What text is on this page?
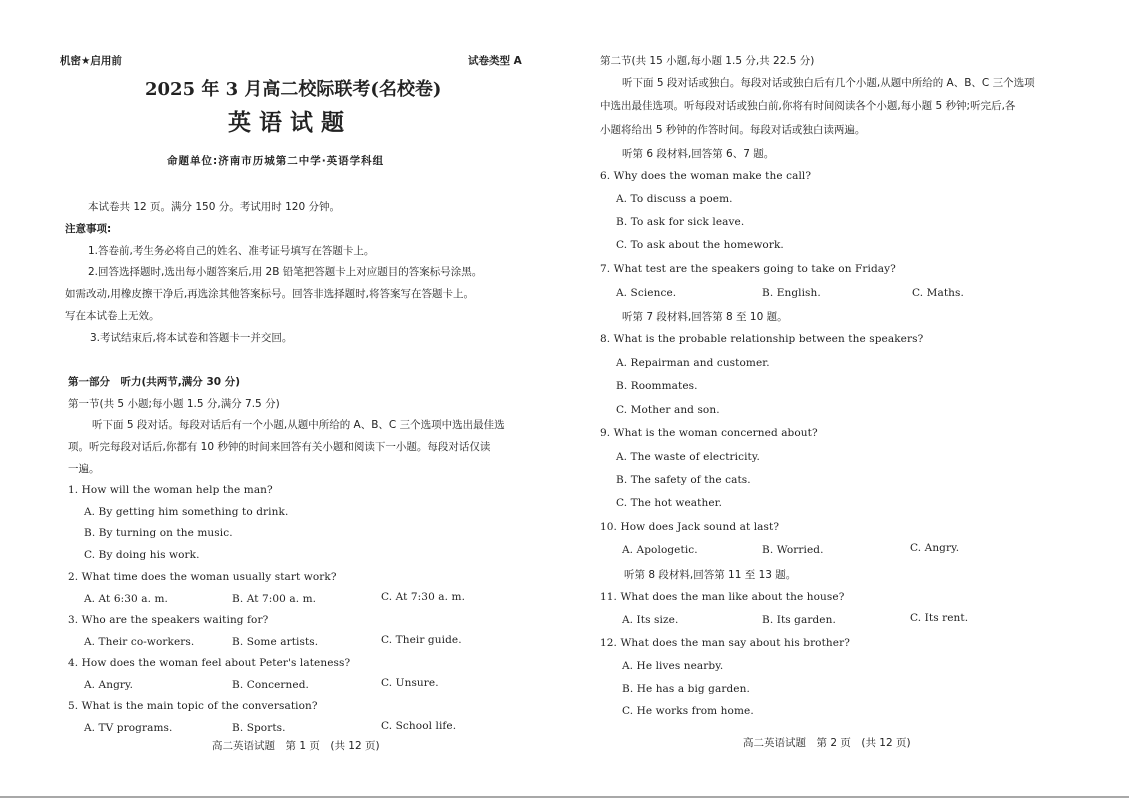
机密★启用前	试卷类型 A
2025 年 3 月高二校际联考(名校卷)
英语试题
命题单位:济南市历城第二中学·英语学科组
本试卷共 12 页。满分 150 分。考试用时 120 分钟。
注意事项:
1.答卷前,考生务必将自己的姓名、准考证号填写在答题卡上。
2.回答选择题时,选出每小题答案后,用 2B 铅笔把答题卡上对应题目的答案标号涂黑。
如需改动,用橡皮擦干净后,再选涂其他答案标号。回答非选择题时,将答案写在答题卡上。
写在本试卷上无效。
3.考试结束后,将本试卷和答题卡一并交回。
第一部分　听力(共两节,满分 30 分)
第一节(共 5 小题;每小题 1.5 分,满分 7.5 分)
听下面 5 段对话。每段对话后有一个小题,从题中所给的 A、B、C 三个选项中选出最佳选
项。听完每段对话后,你都有 10 秒钟的时间来回答有关小题和阅读下一小题。每段对话仅读
一遍。
1. How will the woman help the man?
A. By getting him something to drink.
B. By turning on the music.
C. By doing his work.
2. What time does the woman usually start work?
A. At 6:30 a. m.	B. At 7:00 a. m.	C. At 7:30 a. m.
3. Who are the speakers waiting for?
A. Their co-workers.	B. Some artists.	C. Their guide.
4. How does the woman feel about Peter's lateness?
A. Angry.	B. Concerned.	C. Unsure.
5. What is the main topic of the conversation?
A. TV programs.	B. Sports.	C. School life.
高二英语试题　第 1 页　(共 12 页)
第二节(共 15 小题,每小题 1.5 分,共 22.5 分)
听下面 5 段对话或独白。每段对话或独白后有几个小题,从题中所给的 A、B、C 三个选项
中选出最佳选项。听每段对话或独白前,你将有时间阅读各个小题,每小题 5 秒钟;听完后,各
小题将给出 5 秒钟的作答时间。每段对话或独白读两遍。
听第 6 段材料,回答第 6、7 题。
6. Why does the woman make the call?
A. To discuss a poem.
B. To ask for sick leave.
C. To ask about the homework.
7. What test are the speakers going to take on Friday?
A. Science.	B. English.	C. Maths.
听第 7 段材料,回答第 8 至 10 题。
8. What is the probable relationship between the speakers?
A. Repairman and customer.
B. Roommates.
C. Mother and son.
9. What is the woman concerned about?
A. The waste of electricity.
B. The safety of the cats.
C. The hot weather.
10. How does Jack sound at last?
A. Apologetic.	B. Worried.	C. Angry.
听第 8 段材料,回答第 11 至 13 题。
11. What does the man like about the house?
A. Its size.	B. Its garden.	C. Its rent.
12. What does the man say about his brother?
A. He lives nearby.
B. He has a big garden.
C. He works from home.
高二英语试题　第 2 页　(共 12 页)
